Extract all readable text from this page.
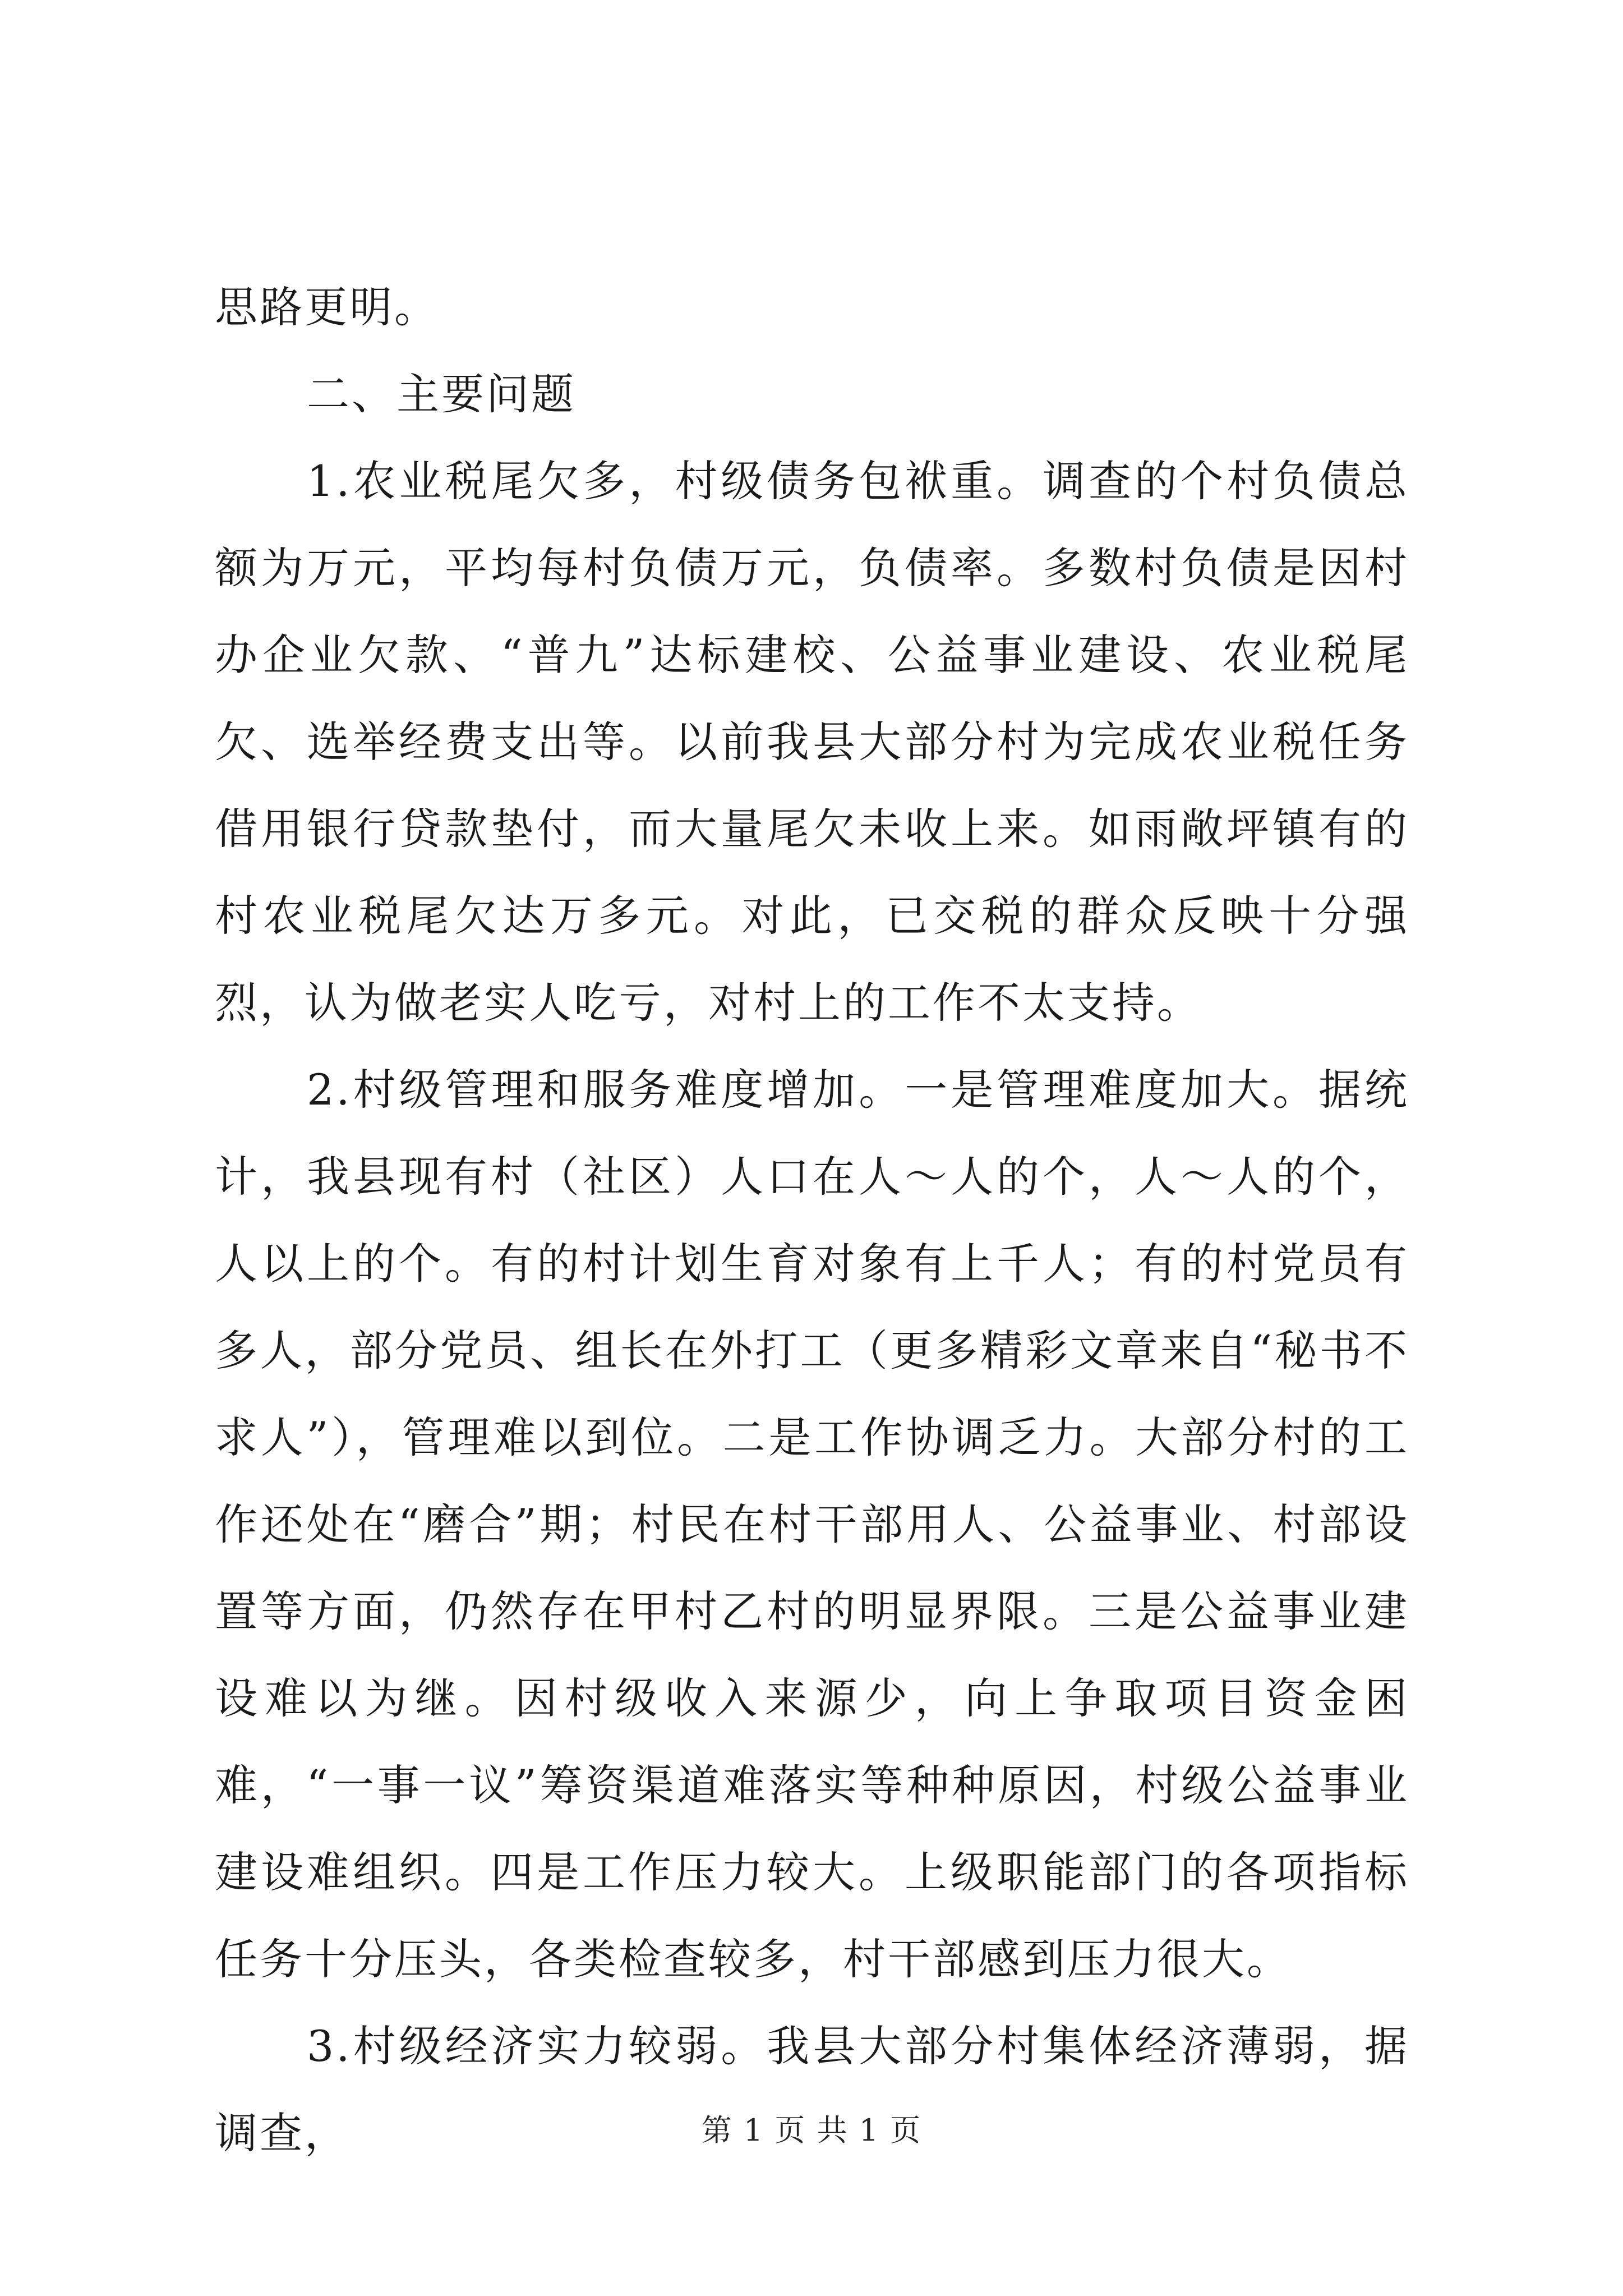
思路更明。

二、主要问题

1.农业税尾欠多，村级债务包袱重。调查的个村负债总额为万元，平均每村负债万元，负债率。多数村负债是因村办企业欠款、“普九”达标建校、公益事业建设、农业税尾欠、选举经费支出等。以前我县大部分村为完成农业税任务借用银行贷款垫付，而大量尾欠未收上来。如雨敞坪镇有的村农业税尾欠达万多元。对此，已交税的群众反映十分强烈，认为做老实人吃亏，对村上的工作不太支持。

2.村级管理和服务难度增加。一是管理难度加大。据统计，我县现有村（社区）人口在人～人的个，人～人的个，人以上的个。有的村计划生育对象有上千人；有的村党员有多人，部分党员、组长在外打工（更多精彩文章来自“秘书不求人”），管理难以到位。二是工作协调乏力。大部分村的工作还处在“磨合”期；村民在村干部用人、公益事业、村部设置等方面，仍然存在甲村乙村的明显界限。三是公益事业建设难以为继。因村级收入来源少，向上争取项目资金困难，“一事一议”筹资渠道难落实等种种原因，村级公益事业建设难组织。四是工作压力较大。上级职能部门的各项指标任务十分压头，各类检查较多，村干部感到压力很大。

3.村级经济实力较弱。我县大部分村集体经济薄弱，据调查，	第 1 页 共 1 页
